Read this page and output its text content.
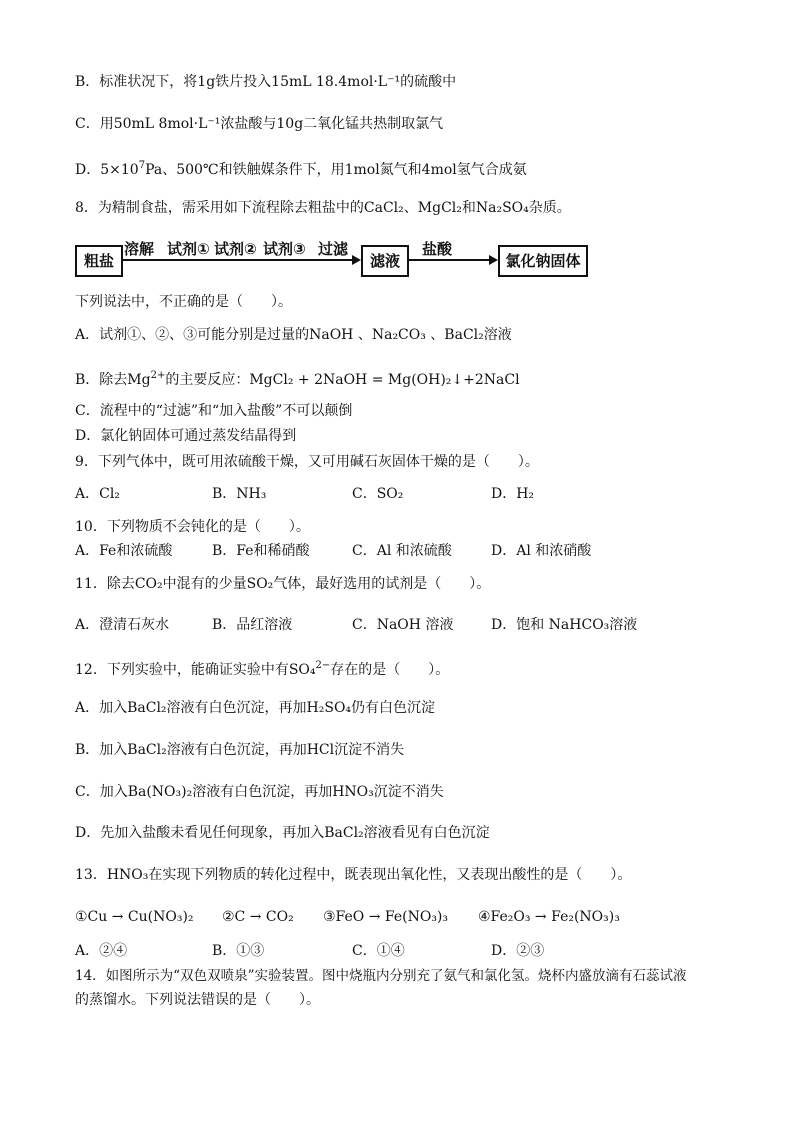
B．标准状况下，将1g铁片投入15mL 18.4mol·L⁻¹的硫酸中
C．用50mL 8mol·L⁻¹浓盐酸与10g二氧化锰共热制取氯气
D．$5\times 10^7Pa$、500℃和铁触媒条件下，用1mol氮气和4mol氢气合成氨
8．为精制食盐，需采用如下流程除去粗盐中的CaCl₂、MgCl₂和Na₂SO₄杂质。
粗盐
溶解 试剂① 试剂② 试剂③ 过滤
滤液
盐酸
氯化钠固体
下列说法中，不正确的是（　　）。
A．试剂①、②、③可能分别是过量的NaOH 、Na₂CO₃ 、BaCl₂溶液
B．除去$Mg^{2+}$的主要反应：MgCl₂ + 2NaOH = Mg(OH)₂↓+2NaCl
C．流程中的“过滤”和“加入盐酸”不可以颠倒
D．氯化钠固体可通过蒸发结晶得到
9．下列气体中，既可用浓硫酸干燥，又可用碱石灰固体干燥的是（　　）。
A．Cl₂	B．NH₃	C．SO₂	D．H₂
10．下列物质不会钝化的是（　　）。
A．Fe和浓硫酸	B．Fe和稀硝酸	C．Al 和浓硫酸	D．Al 和浓硝酸
11．除去CO₂中混有的少量SO₂气体，最好选用的试剂是（　　）。
A．澄清石灰水	B．品红溶液	C．NaOH 溶液	D．饱和 NaHCO₃溶液
12．下列实验中，能确证实验中有SO₄$^{2-}$存在的是（　　）。
A．加入BaCl₂溶液有白色沉淀，再加H₂SO₄仍有白色沉淀
B．加入BaCl₂溶液有白色沉淀，再加HCl沉淀不消失
C．加入Ba(NO₃)₂溶液有白色沉淀，再加HNO₃沉淀不消失
D．先加入盐酸未看见任何现象，再加入BaCl₂溶液看见有白色沉淀
13．HNO₃在实现下列物质的转化过程中，既表现出氧化性，又表现出酸性的是（　　）。
①Cu → Cu(NO₃)₂ ②C → CO₂ ③FeO → Fe(NO₃)₃ ④Fe₂O₃ → Fe₂(NO₃)₃
A．②④	B．①③	C．①④	D．②③
14．如图所示为“双色双喷泉”实验装置。图中烧瓶内分别充了氨气和氯化氢。烧杯内盛放滴有石蕊试液
的蒸馏水。下列说法错误的是（　　）。
